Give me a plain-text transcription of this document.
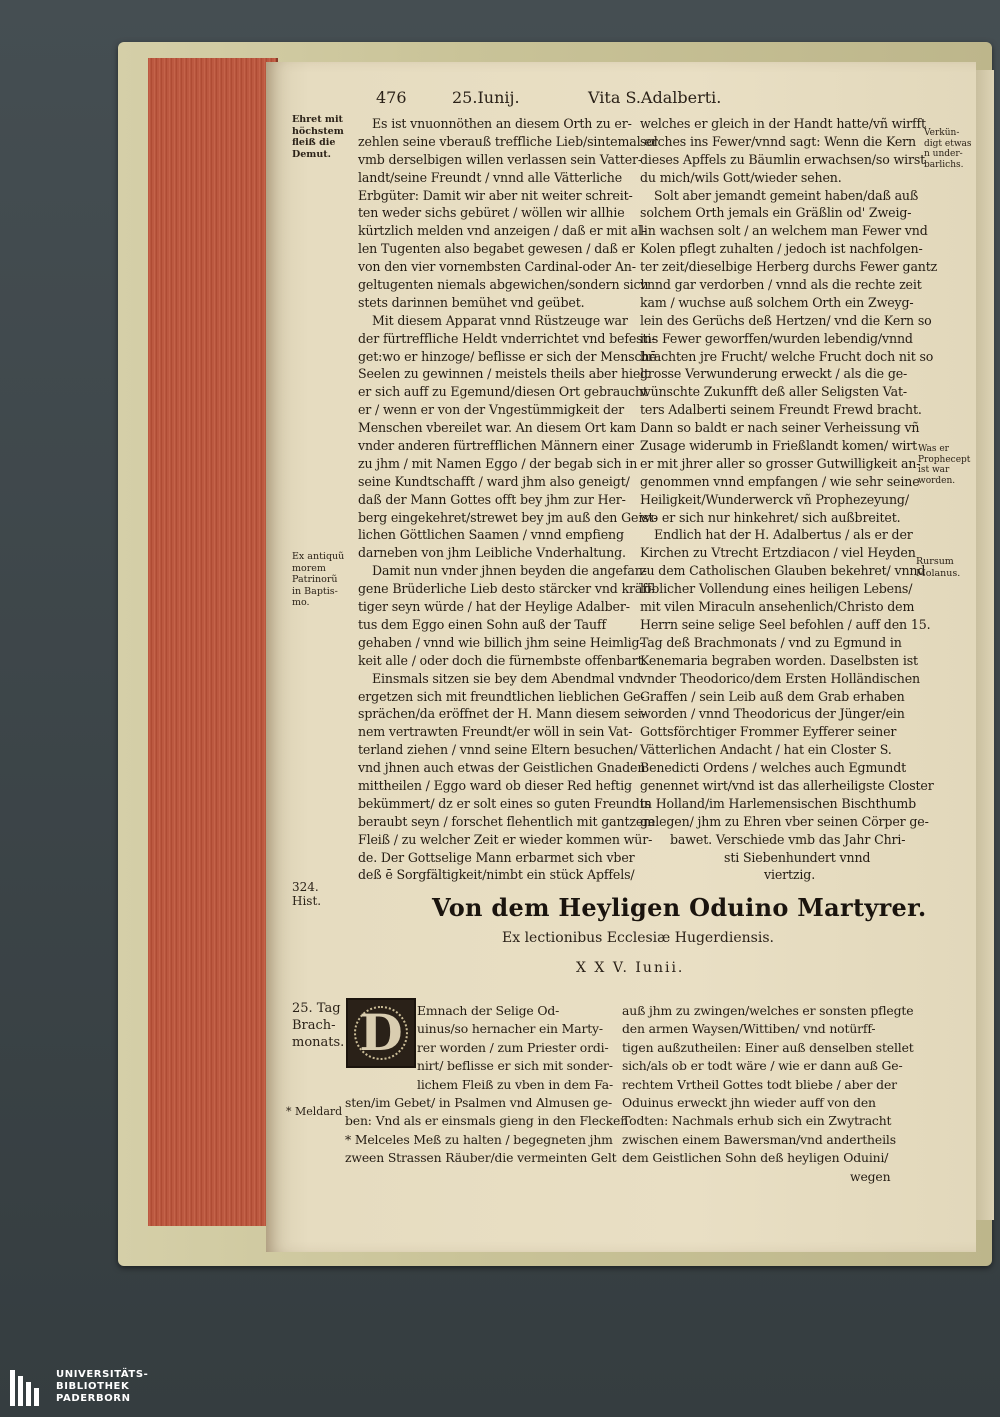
476	25.Iunij.	Vita S.Adalberti.
Ehret mit
höchstem
fleiß die
Demut.
Ex antiquũ
morem
Patrinorũ
in Baptis-
mo.
324.
Hist.
25. Tag
Brach-
monats.
* Meldard
Verkün-
digt etwas
n under-
barlichs.
Was er
Prophecept
ist war
worden.
Rursum
Molanus.
Es ist vnuonnöthen an diesem Orth zu er-
zehlen seine vberauß treffliche Lieb/sintemal er
vmb derselbigen willen verlassen sein Vatter-
landt/seine Freundt / vnnd alle Vätterliche
Erbgüter: Damit wir aber nit weiter schreit-
ten weder sichs gebüret / wöllen wir allhie
kürtzlich melden vnd anzeigen / daß er mit al-
len Tugenten also begabet gewesen / daß er
von den vier vornembsten Cardinal-oder An-
geltugenten niemals abgewichen/sondern sich
stets darinnen bemühet vnd geübet.
Mit diesem Apparat vnnd Rüstzeuge war
der fürtreffliche Heldt vnderrichtet vnd befesti-
get:wo er hinzoge/ beflisse er sich der Menschē
Seelen zu gewinnen / meistels theils aber hielt
er sich auff zu Egemund/diesen Ort gebraucht
er / wenn er von der Vngestümmigkeit der
Menschen vbereilet war. An diesem Ort kam
vnder anderen fürtrefflichen Männern einer
zu jhm / mit Namen Eggo / der begab sich in
seine Kundtschafft / ward jhm also geneigt/
daß der Mann Gottes offt bey jhm zur Her-
berg eingekehret/strewet bey jm auß den Geist-
lichen Göttlichen Saamen / vnnd empfieng
darneben von jhm Leibliche Vnderhaltung.
Damit nun vnder jhnen beyden die angefan-
gene Brüderliche Lieb desto stärcker vnd kräff-
tiger seyn würde / hat der Heylige Adalber-
tus dem Eggo einen Sohn auß der Tauff
gehaben / vnnd wie billich jhm seine Heimlig-
keit alle / oder doch die fürnembste offenbart.
Einsmals sitzen sie bey dem Abendmal vnd
ergetzen sich mit freundtlichen lieblichen Ge-
sprächen/da eröffnet der H. Mann diesem sei-
nem vertrawten Freundt/er wöll in sein Vat-
terland ziehen / vnnd seine Eltern besuchen/
vnd jhnen auch etwas der Geistlichen Gnaden
mittheilen / Eggo ward ob dieser Red heftig
bekümmert/ dz er solt eines so guten Freundts
beraubt seyn / forschet flehentlich mit gantzem
Fleiß / zu welcher Zeit er wieder kommen wür-
de. Der Gottselige Mann erbarmet sich vber
deß ē Sorgfältigkeit/nimbt ein stück Apffels/
welches er gleich in der Handt hatte/vñ wirfft
solches ins Fewer/vnnd sagt: Wenn die Kern
dieses Apffels zu Bäumlin erwachsen/so wirst
du mich/wils Gott/wieder sehen.
Solt aber jemandt gemeint haben/daß auß
solchem Orth jemals ein Gräßlin od' Zweig-
lin wachsen solt / an welchem man Fewer vnd
Kolen pflegt zuhalten / jedoch ist nachfolgen-
ter zeit/dieselbige Herberg durchs Fewer gantz
vnnd gar verdorben / vnnd als die rechte zeit
kam / wuchse auß solchem Orth ein Zweyg-
lein des Gerüchs deß Hertzen/ vnd die Kern so
ins Fewer geworffen/wurden lebendig/vnnd
brachten jre Frucht/ welche Frucht doch nit so
grosse Verwunderung erweckt / als die ge-
wünschte Zukunfft deß aller Seligsten Vat-
ters Adalberti seinem Freundt Frewd bracht.
Dann so baldt er nach seiner Verheissung vñ
Zusage widerumb in Frießlandt komen/ wirt
er mit jhrer aller so grosser Gutwilligkeit an-
genommen vnnd empfangen / wie sehr seine
Heiligkeit/Wunderwerck vñ Prophezeyung/
wo er sich nur hinkehret/ sich außbreitet.
Endlich hat der H. Adalbertus / als er der
Kirchen zu Vtrecht Ertzdiacon / viel Heyden
zu dem Catholischen Glauben bekehret/ vnnd
löblicher Vollendung eines heiligen Lebens/
mit vilen Miraculn ansehenlich/Christo dem
Herrn seine selige Seel befohlen / auff den 15.
Tag deß Brachmonats / vnd zu Egmund in
Kenemaria begraben worden. Daselbsten ist
vnder Theodorico/dem Ersten Holländischen
Graffen / sein Leib auß dem Grab erhaben
worden / vnnd Theodoricus der Jünger/ein
Gottsförchtiger Frommer Eyfferer seiner
Vätterlichen Andacht / hat ein Closter S.
Benedicti Ordens / welches auch Egmundt
genennet wirt/vnd ist das allerheiligste Closter
in Holland/im Harlemensischen Bischthumb
gelegen/ jhm zu Ehren vber seinen Cörper ge-
bawet. Verschiede vmb das Jahr Chri-
sti Siebenhundert vnnd
viertzig.
Von dem Heyligen Oduino Martyrer.
Ex lectionibus Ecclesiæ Hugerdiensis.
X X V. Iunii.
D	Emnach der Selige Od-
uinus/so hernacher ein Marty-
rer worden / zum Priester ordi-
nirt/ beflisse er sich mit sonder-
lichem Fleiß zu vben in dem Fa-
sten/im Gebet/ in Psalmen vnd Almusen ge-
ben: Vnd als er einsmals gieng in den Flecken
* Melceles Meß zu halten / begegneten jhm
zween Strassen Räuber/die vermeinten Gelt
auß jhm zu zwingen/welches er sonsten pflegte
den armen Waysen/Wittiben/ vnd notürff-
tigen außzutheilen: Einer auß denselben stellet
sich/als ob er todt wäre / wie er dann auß Ge-
rechtem Vrtheil Gottes todt bliebe / aber der
Oduinus erweckt jhn wieder auff von den
Todten: Nachmals erhub sich ein Zwytracht
zwischen einem Bawersman/vnd andertheils
dem Geistlichen Sohn deß heyligen Oduini/
wegen
UNIVERSITÄTS-
BIBLIOTHEK
PADERBORN
